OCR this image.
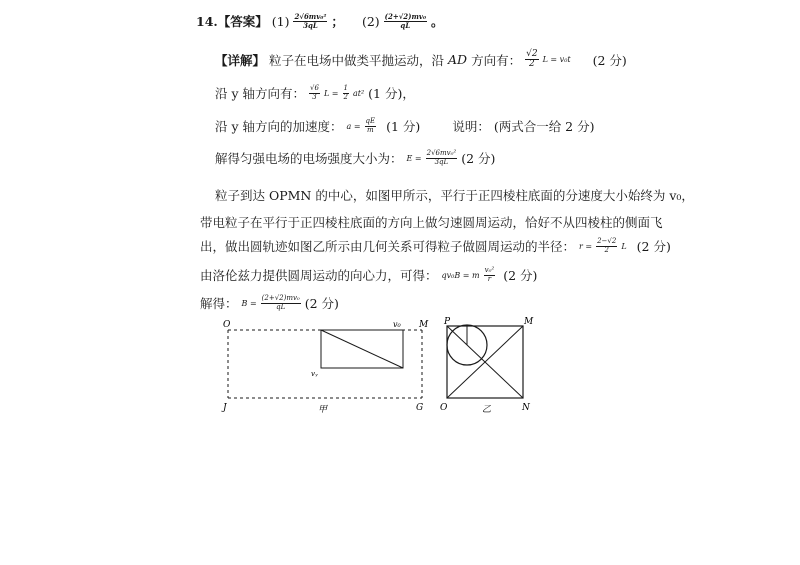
14.【答案】 $(1) \frac{\text{2√6mv₀²}}{3qL}$ ； $(2) \frac{\text{(2+√2)mv₀}}{qL}$ 。
【详解】 粒子在电场中做类平抛运动，沿 AD 方向有： $\frac{√2}{2}$ L = v₀t (2 分)
沿 y 轴方向有： $\frac{√6}{3}$ $L = \frac{1}{2} at^2$ (1 分)，
沿 y 轴方向的加速度： $a = \frac{qE}{m} (1$ 分)	说明： (两式合一给 2 分)
解得匀强电场的电场强度大小为： $E = \frac{\text{2√6mv₀²}}{3qL} (2$ 分)
粒子到达 OPMN 的中心，如图甲所示，平行于正四棱柱底面的分速度大小始终为 v₀，
带电粒子在平行于正四棱柱底面的方向上做匀速圆周运动，恰好不从四棱柱的侧面飞
出，做出圆轨迹如图乙所示由几何关系可得粒子做圆周运动的半径： $r = \frac{2-√2}{2}$ L (2 分)
由洛伦兹力提供圆周运动的向心力，可得： qv₀B = m $\frac{\text{v₀²}}{r} (2$ 分)
解得： $B = \frac{\text{(2+√2)mv₀}}{qL} (2$ 分)
O	v₀ M
vᵧ
J	甲	G
P	M
O	乙	N
